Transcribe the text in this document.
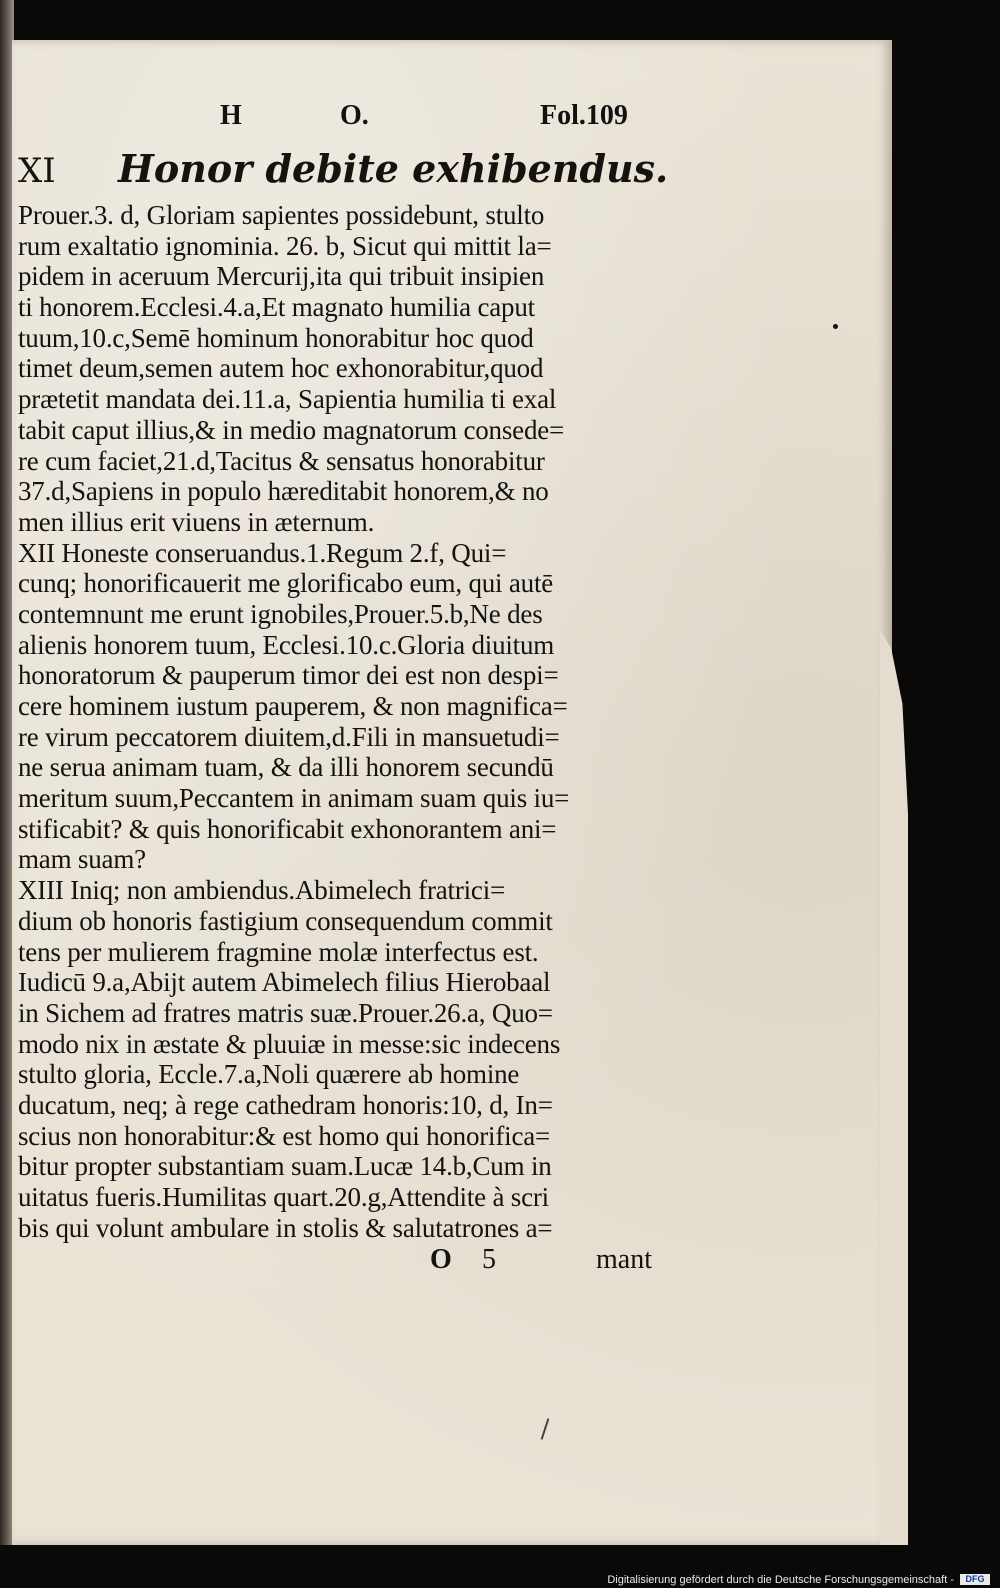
H	O.	Fol.109
XI Honor debite exhibendus.
Prouer.3. d, Gloriam sapientes possidebunt, stulto
rum exaltatio ignominia. 26. b, Sicut qui mittit la=
pidem in aceruum Mercurij,ita qui tribuit insipien
ti honorem.Ecclesi.4.a,Et magnato humilia caput
tuum,10.c,Semē hominum honorabitur hoc quod
timet deum,semen autem hoc exhonorabitur,quod
prætetit mandata dei.11.a, Sapientia humilia ti exal
tabit caput illius,& in medio magnatorum consede=
re cum faciet,21.d,Tacitus & sensatus honorabitur
37.d,Sapiens in populo hæreditabit honorem,& no
men illius erit viuens in æternum.
XII Honeste conseruandus.1.Regum 2.f, Qui=
cunq; honorificauerit me glorificabo eum, qui autē
contemnunt me erunt ignobiles,Prouer.5.b,Ne des
alienis honorem tuum, Ecclesi.10.c.Gloria diuitum
honoratorum & pauperum timor dei est non despi=
cere hominem iustum pauperem, & non magnifica=
re virum peccatorem diuitem,d.Fili in mansuetudi=
ne serua animam tuam, & da illi honorem secundū
meritum suum,Peccantem in animam suam quis iu=
stificabit? & quis honorificabit exhonorantem ani=
mam suam?
XIII Iniq; non ambiendus.Abimelech fratrici=
dium ob honoris fastigium consequendum commit
tens per mulierem fragmine molæ interfectus est.
Iudicū 9.a,Abijt autem Abimelech filius Hierobaal
in Sichem ad fratres matris suæ.Prouer.26.a, Quo=
modo nix in æstate & pluuiæ in messe:sic indecens
stulto gloria, Eccle.7.a,Noli quærere ab homine
ducatum, neq; à rege cathedram honoris:10, d, In=
scius non honorabitur:& est homo qui honorifica=
bitur propter substantiam suam.Lucæ 14.b,Cum in
uitatus fueris.Humilitas quart.20.g,Attendite à scri
bis qui volunt ambulare in stolis & salutatrones a=
O 5	mant
Digitalisierung gefördert durch die Deutsche Forschungsgemeinschaft -	DFG
